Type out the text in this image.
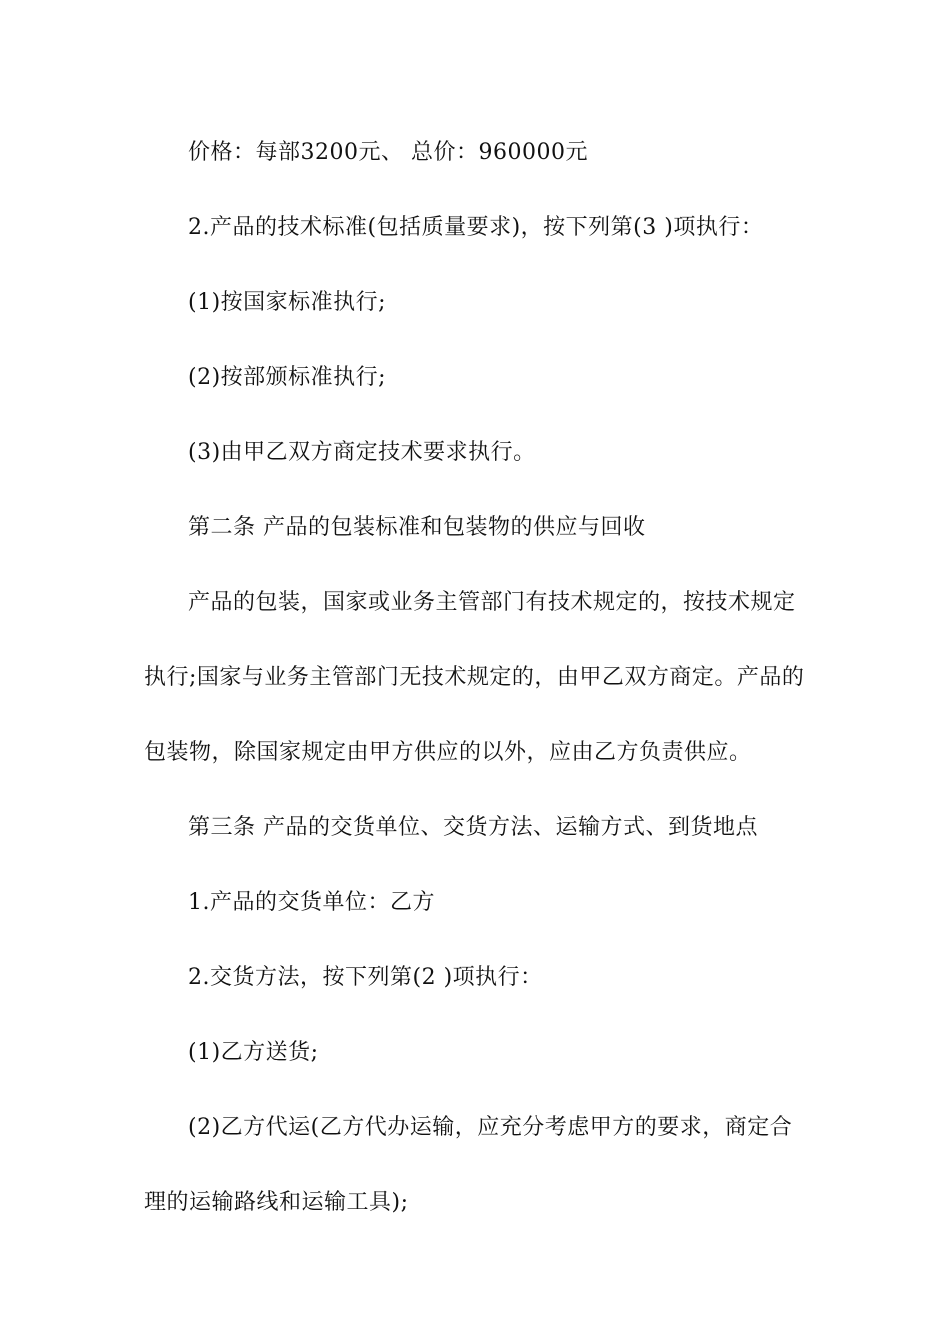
价格：每部3200元、 总价：960000元
2.产品的技术标准(包括质量要求)，按下列第(3 )项执行：
(1)按国家标准执行;
(2)按部颁标准执行;
(3)由甲乙双方商定技术要求执行。
第二条 产品的包装标准和包装物的供应与回收
产品的包装，国家或业务主管部门有技术规定的，按技术规定
执行;国家与业务主管部门无技术规定的，由甲乙双方商定。产品的
包装物，除国家规定由甲方供应的以外，应由乙方负责供应。
第三条 产品的交货单位、交货方法、运输方式、到货地点
1.产品的交货单位：乙方
2.交货方法，按下列第(2 )项执行：
(1)乙方送货;
(2)乙方代运(乙方代办运输，应充分考虑甲方的要求，商定合
理的运输路线和运输工具);
